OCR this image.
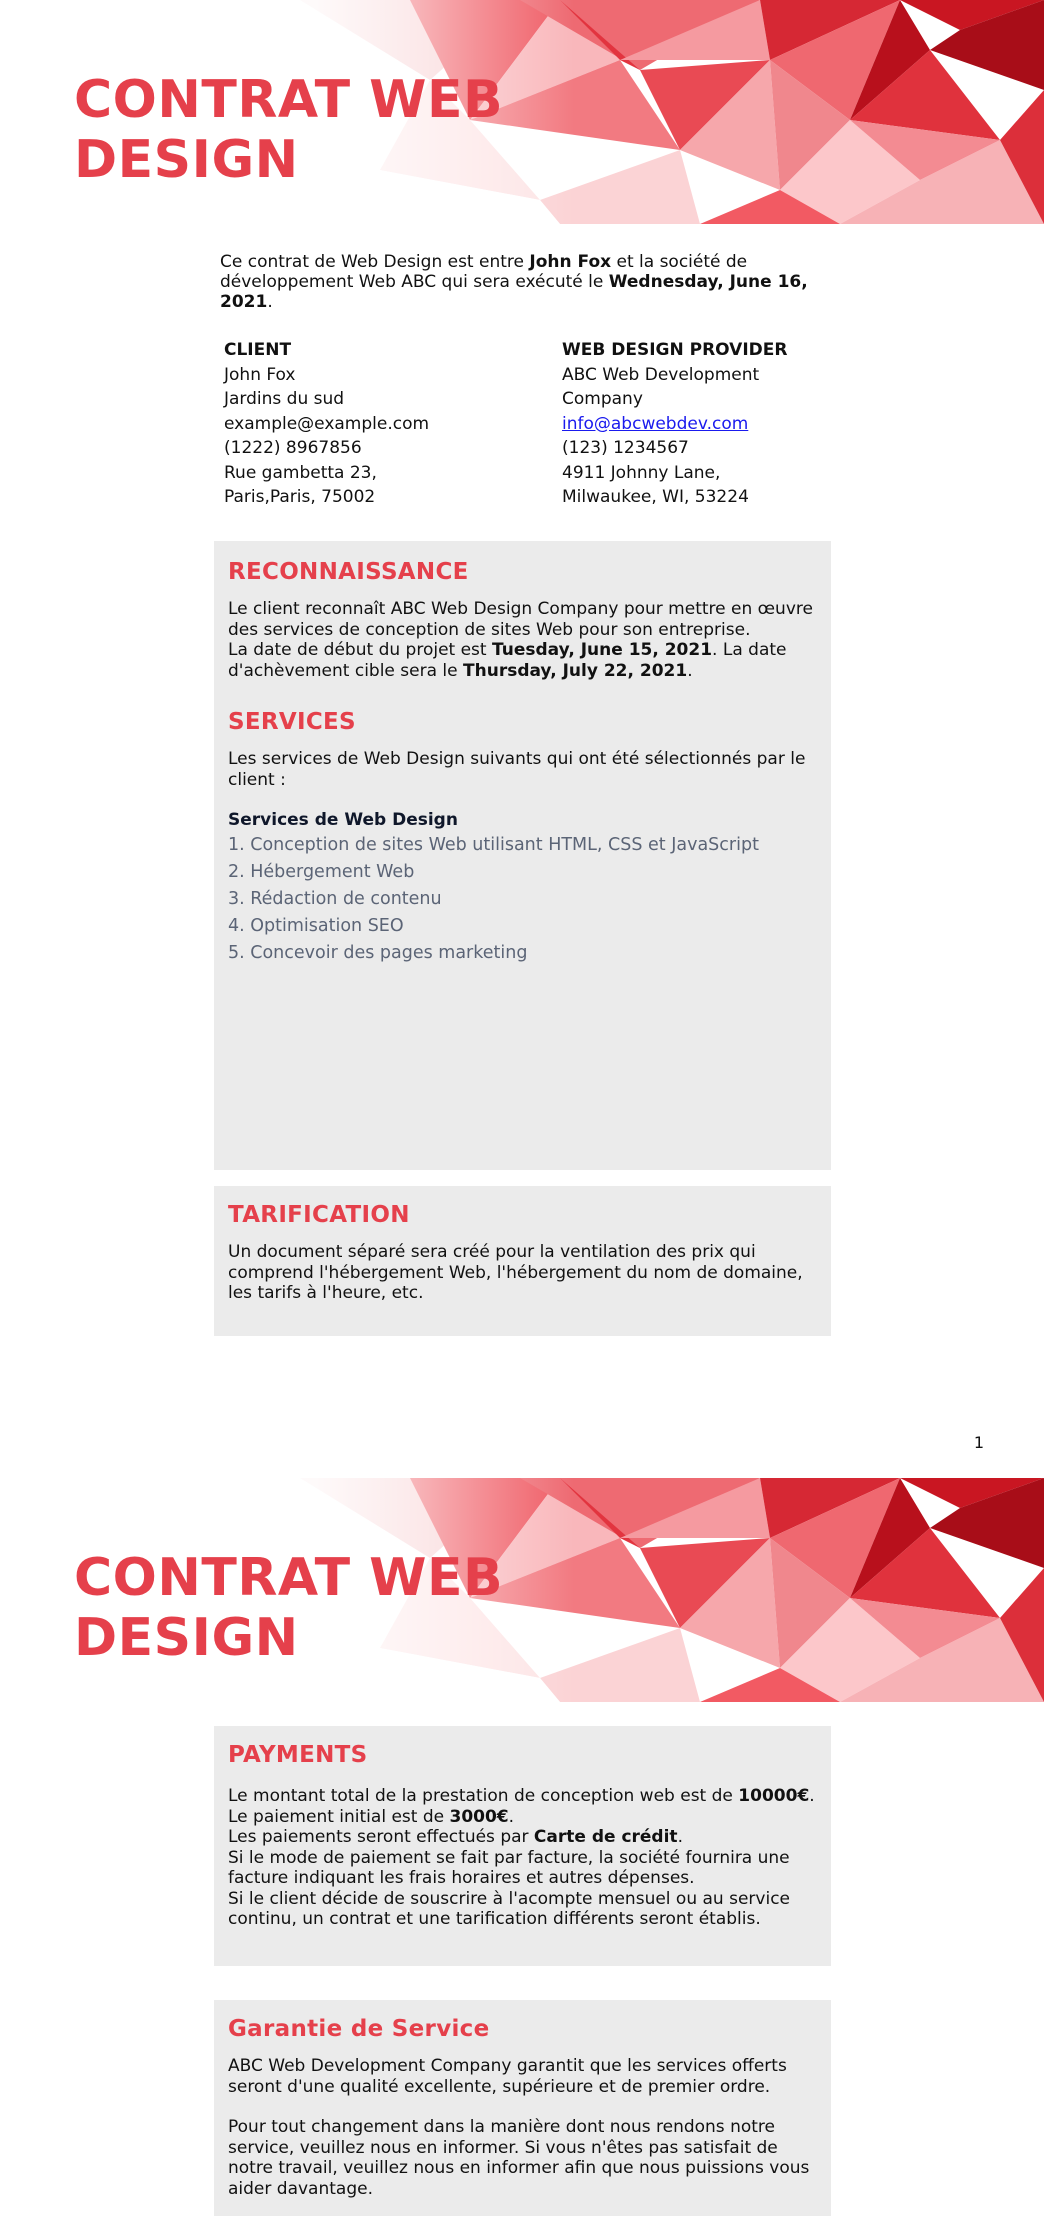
CONTRAT WEB
DESIGN

Ce contrat de Web Design est entre John Fox et la société de développement Web ABC qui sera exécuté le Wednesday, June 16, 2021.

CLIENT
John Fox
Jardins du sud
example@example.com
(1222) 8967856
Rue gambetta 23,
Paris,Paris, 75002
WEB DESIGN PROVIDER
ABC Web Development
Company
info@abcwebdev.com
(123) 1234567
4911 Johnny Lane,
Milwaukee, WI, 53224
RECONNAISSANCE

Le client reconnaît ABC Web Design Company pour mettre en œuvre des services de conception de sites Web pour son entreprise.

La date de début du projet est Tuesday, June 15, 2021. La date d'achèvement cible sera le Thursday, July 22, 2021.

SERVICES

Les services de Web Design suivants qui ont été sélectionnés par le client :

Services de Web Design
1. Conception de sites Web utilisant HTML, CSS et JavaScript
2. Hébergement Web
3. Rédaction de contenu
4. Optimisation SEO
5. Concevoir des pages marketing
TARIFICATION

Un document séparé sera créé pour la ventilation des prix qui comprend l'hébergement Web, l'hébergement du nom de domaine, les tarifs à l'heure, etc.

1
CONTRAT WEB
DESIGN
PAYMENTS

Le montant total de la prestation de conception web est de 10000€.

Le paiement initial est de 3000€.

Les paiements seront effectués par Carte de crédit.

Si le mode de paiement se fait par facture, la société fournira une facture indiquant les frais horaires et autres dépenses.

Si le client décide de souscrire à l'acompte mensuel ou au service continu, un contrat et une tarification différents seront établis.

Garantie de Service

ABC Web Development Company garantit que les services offerts seront d'une qualité excellente, supérieure et de premier ordre.

Pour tout changement dans la manière dont nous rendons notre service, veuillez nous en informer. Si vous n'êtes pas satisfait de notre travail, veuillez nous en informer afin que nous puissions vous aider davantage.
